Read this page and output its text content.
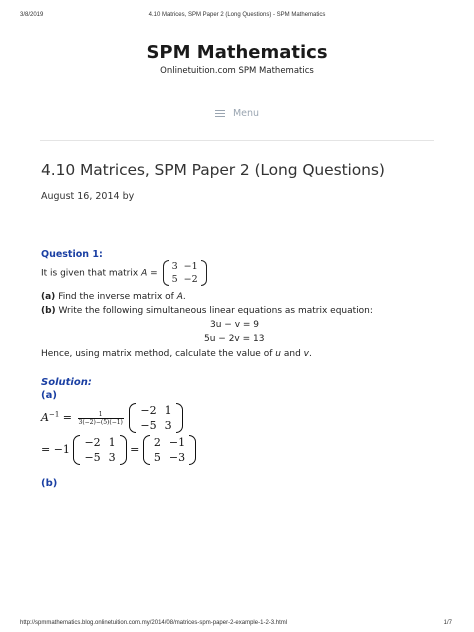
3/8/2019	4.10 Matrices, SPM Paper 2 (Long Questions) - SPM Mathematics
SPM Mathematics
Onlinetuition.com SPM Mathematics
Menu
4.10 Matrices, SPM Paper 2 (Long Questions)
August 16, 2014 by
Question 1:
It is given that matrix A =
3	−1
5	−2
(a) Find the inverse matrix of A.
(b) Write the following simultaneous linear equations as matrix equation:
3u − v = 9
5u − 2v = 13
Hence, using matrix method, calculate the value of u and v.
Solution:
(a)
$A^{-1} = \frac{1}{3(-2)-(5)(-1)}$
−2	1
−5	3
= −1
−2	1
−5	3
=
2	−1
5	−3
(b)
http://spmmathematics.blog.onlinetuition.com.my/2014/08/matrices-spm-paper-2-example-1-2-3.html	1/7
